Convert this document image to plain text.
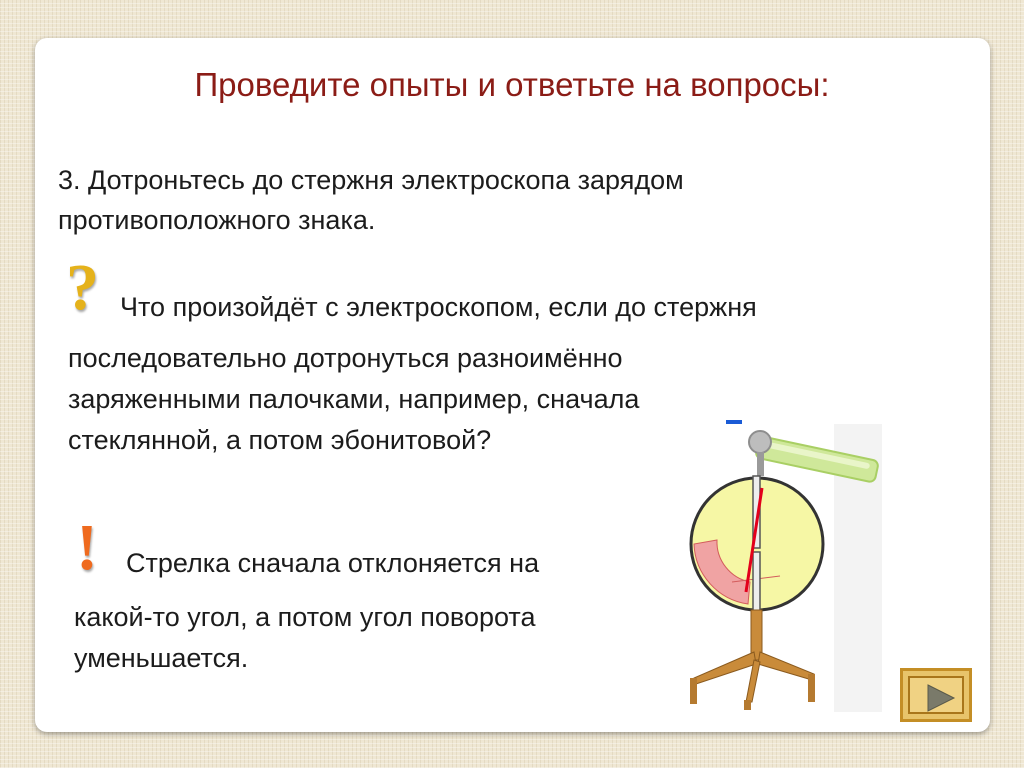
Проведите опыты и ответьте на вопросы:
3. Дотроньтесь до стержня электроскопа зарядом
противоположного знака.
? Что произойдёт с электроскопом, если до стержня
последовательно дотронуться разноимённо
заряженными палочками, например, сначала
стеклянной, а потом эбонитовой?
! Стрелка сначала отклоняется на
какой-то угол, а потом угол поворота
уменьшается.
